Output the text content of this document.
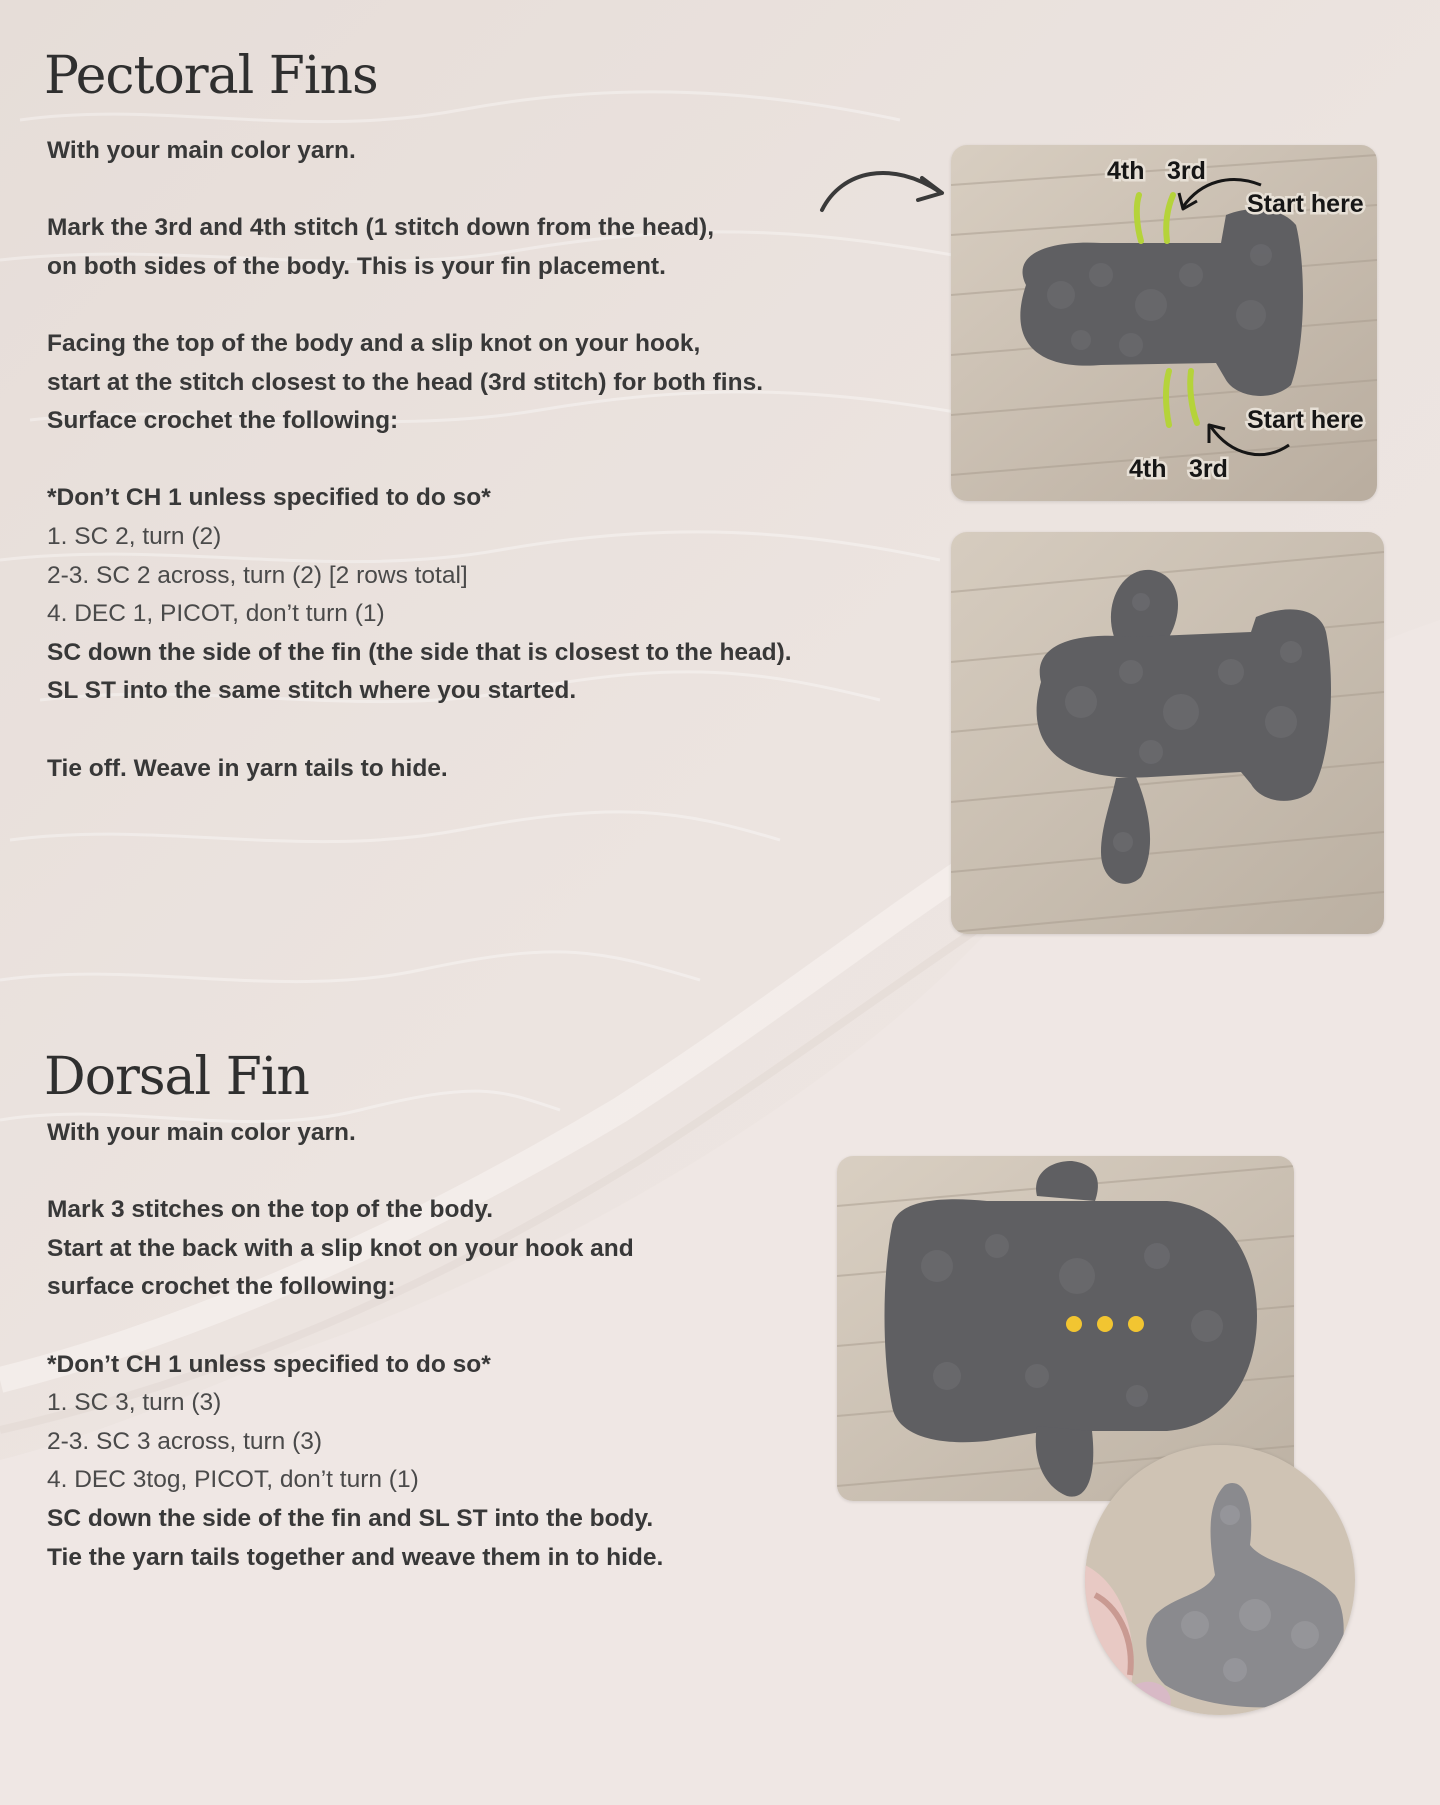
Pectoral Fins
With your main color yarn.
Mark the 3rd and 4th stitch (1 stitch down from the head),
on both sides of the body. This is your fin placement.
Facing the top of the body and a slip knot on your hook,
start at the stitch closest to the head (3rd stitch) for both fins.
Surface crochet the following:
*Don’t CH 1 unless specified to do so*
1. SC 2, turn (2)
2-3. SC 2 across, turn (2) [2 rows total]
4. DEC 1, PICOT, don’t turn (1)
SC down the side of the fin (the side that is closest to the head).
SL ST into the same stitch where you started.
Tie off. Weave in yarn tails to hide.
4th 3rd
Start here
Start here
4th 3rd
Dorsal Fin
With your main color yarn.
Mark 3 stitches on the top of the body.
Start at the back with a slip knot on your hook and
surface crochet the following:
*Don’t CH 1 unless specified to do so*
1. SC 3, turn (3)
2-3. SC 3 across, turn (3)
4. DEC 3tog, PICOT, don’t turn (1)
SC down the side of the fin and SL ST into the body.
Tie the yarn tails together and weave them in to hide.
